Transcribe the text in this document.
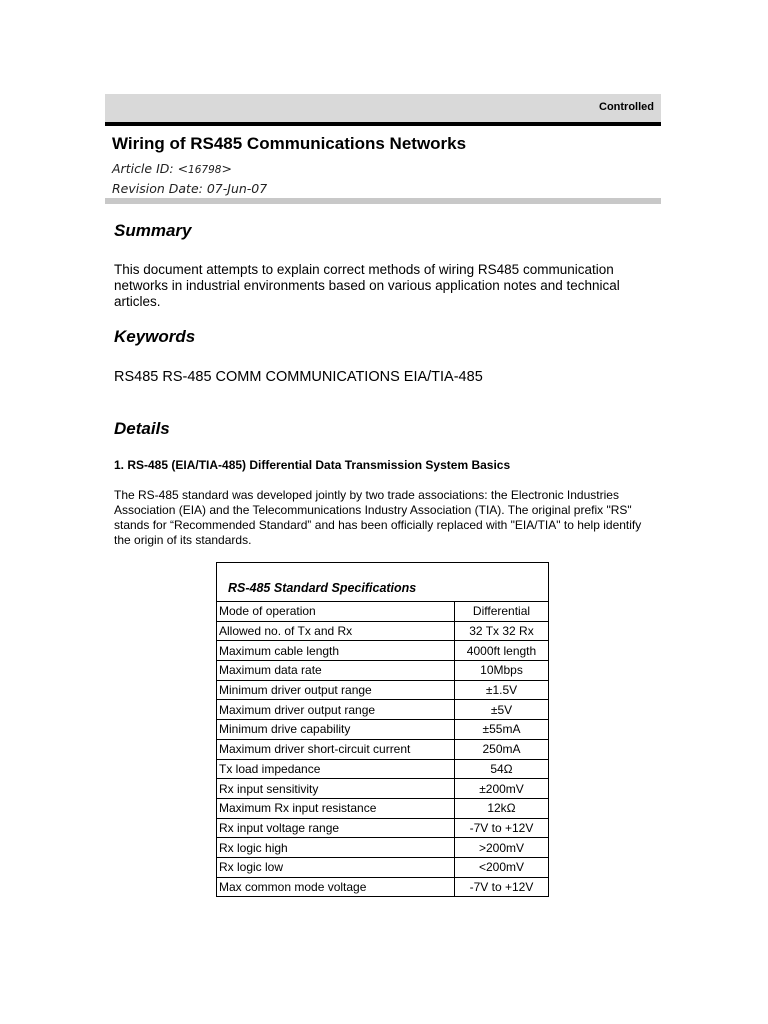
Controlled
Wiring of RS485 Communications Networks
Article ID: <16798>
Revision Date: 07-Jun-07
Summary

This document attempts to explain correct methods of wiring RS485 communication networks in industrial environments based on various application notes and technical articles.

Keywords

RS485 RS-485 COMM COMMUNICATIONS EIA/TIA-485

Details

1. RS-485 (EIA/TIA-485) Differential Data Transmission System Basics

The RS-485 standard was developed jointly by two trade associations: the Electronic Industries Association (EIA) and the Telecommunications Industry Association (TIA). The original prefix "RS" stands for “Recommended Standard” and has been officially replaced with "EIA/TIA" to help identify the origin of its standards.

RS-485 Standard Specifications
Mode of operation	Differential
Allowed no. of Tx and Rx	32 Tx 32 Rx
Maximum cable length	4000ft length
Maximum data rate	10Mbps
Minimum driver output range	±1.5V
Maximum driver output range	±5V
Minimum drive capability	±55mA
Maximum driver short-circuit current	250mA
Tx load impedance	54Ω
Rx input sensitivity	±200mV
Maximum Rx input resistance	12kΩ
Rx input voltage range	-7V to +12V
Rx logic high	>200mV
Rx logic low	<200mV
Max common mode voltage	-7V to +12V
